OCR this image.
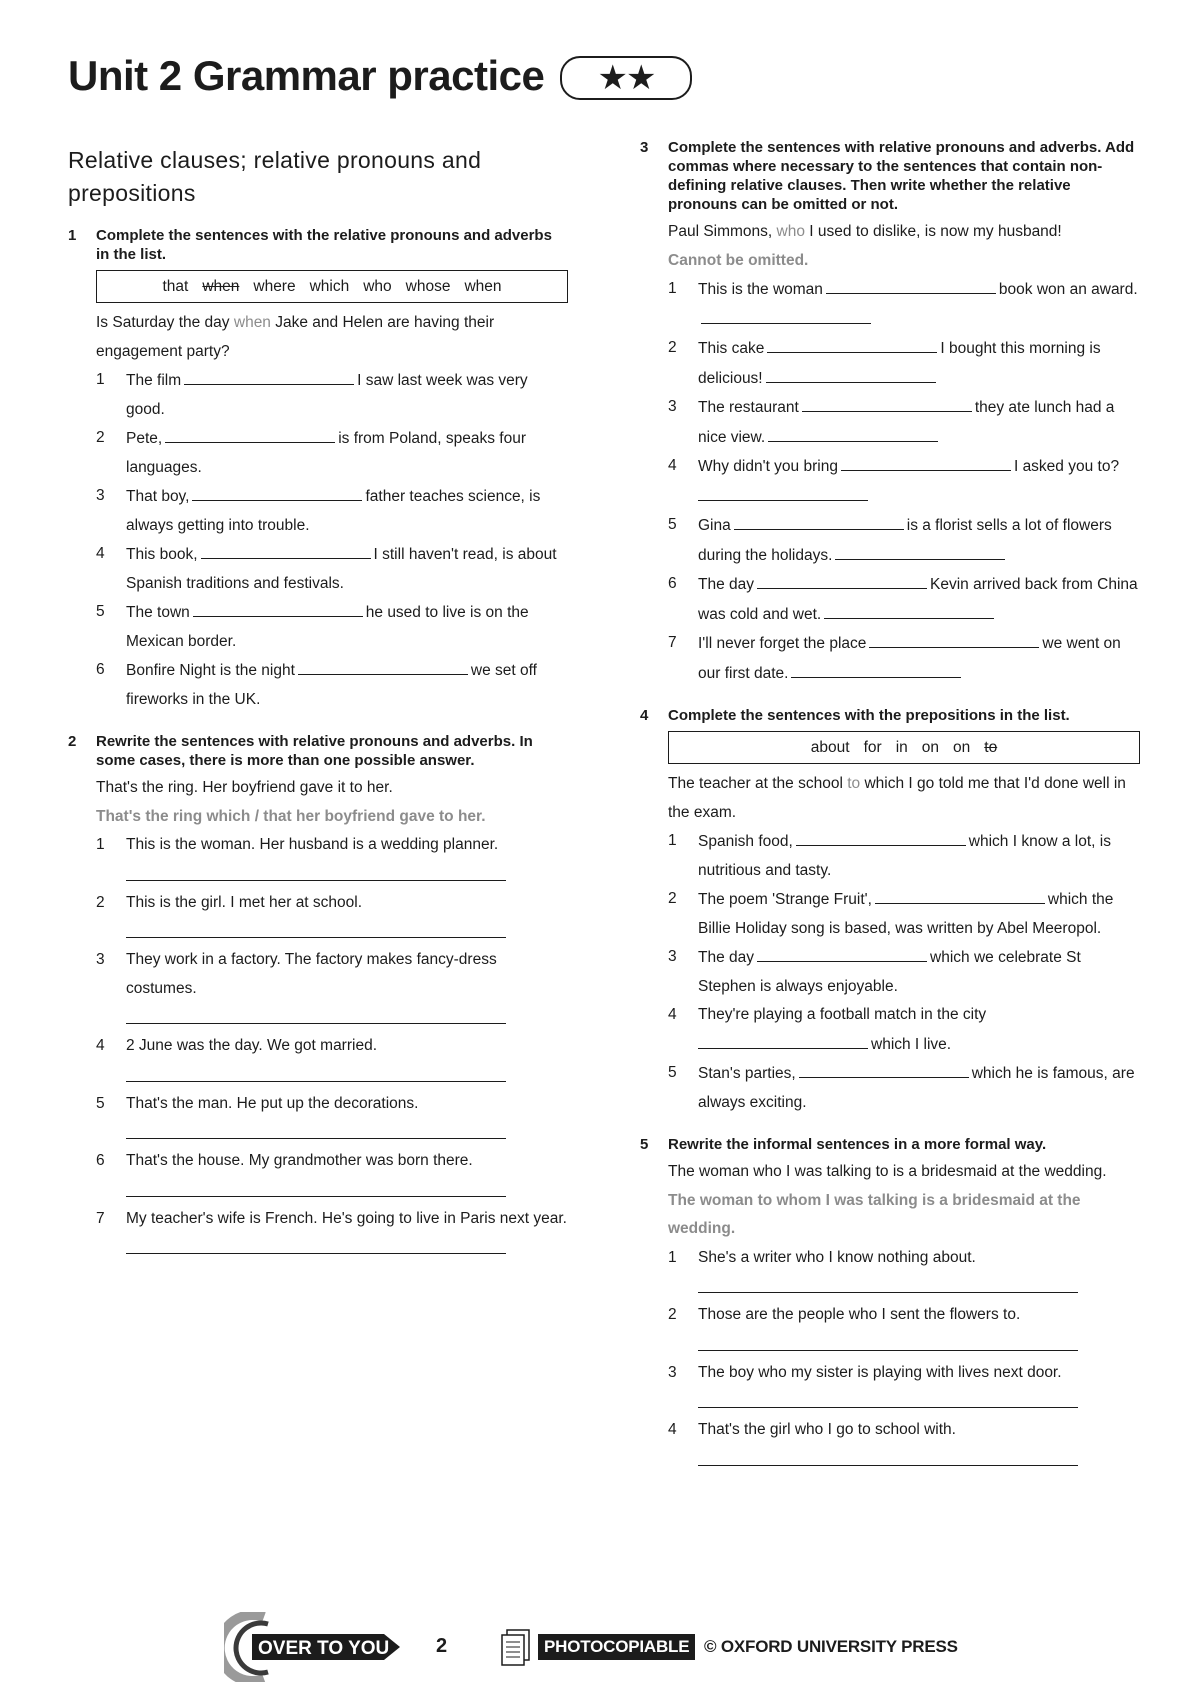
Unit 2 Grammar practice	★★
Relative clauses; relative pronouns and prepositions
1 Complete the sentences with the relative pronouns and adverbs in the list.
that when where which who whose when
Is Saturday the day when Jake and Helen are having their engagement party?
1 The film	I saw last week was very good.
2 Pete,	is from Poland, speaks four languages.
3 That boy,	father teaches science, is always getting into trouble.
4 This book,	I still haven't read, is about Spanish traditions and festivals.
5 The town	he used to live is on the Mexican border.
6 Bonfire Night is the night	we set off fireworks in the UK.
2 Rewrite the sentences with relative pronouns and adverbs. In some cases, there is more than one possible answer.
That's the ring. Her boyfriend gave it to her.
That's the ring which / that her boyfriend gave to her.
1 This is the woman. Her husband is a wedding planner.
2 This is the girl. I met her at school.
3 They work in a factory. The factory makes fancy-dress costumes.
4 2 June was the day. We got married.
5 That's the man. He put up the decorations.
6 That's the house. My grandmother was born there.
7 My teacher's wife is French. He's going to live in Paris next year.
3 Complete the sentences with relative pronouns and adverbs. Add commas where necessary to the sentences that contain non-defining relative clauses. Then write whether the relative pronouns can be omitted or not.
Paul Simmons, who I used to dislike, is now my husband!
Cannot be omitted.
1 This is the woman	book won an award.
2 This cake	I bought this morning is delicious!
3 The restaurant	they ate lunch had a nice view.
4 Why didn't you bring	I asked you to?

5 Gina	is a florist sells a lot of flowers during the holidays.
6 The day	Kevin arrived back from China was cold and wet.
7 I'll never forget the place	we went on our first date.
4 Complete the sentences with the prepositions in the list.
about for in on on to
The teacher at the school to which I go told me that I'd done well in the exam.
1 Spanish food,	which I know a lot, is nutritious and tasty.
2 The poem 'Strange Fruit',	which the Billie Holiday song is based, was written by Abel Meeropol.
3 The day	which we celebrate St Stephen is always enjoyable.
4 They're playing a football match in the city
which I live.
5 Stan's parties,	which he is famous, are always exciting.
5 Rewrite the informal sentences in a more formal way.
The woman who I was talking to is a bridesmaid at the wedding.
The woman to whom I was talking is a bridesmaid at the wedding.
1 She's a writer who I know nothing about.
2 Those are the people who I sent the flowers to.
3 The boy who my sister is playing with lives next door.
4 That's the girl who I go to school with.
OVER TO YOU 2	PHOTOCOPIABLE © OXFORD UNIVERSITY PRESS
